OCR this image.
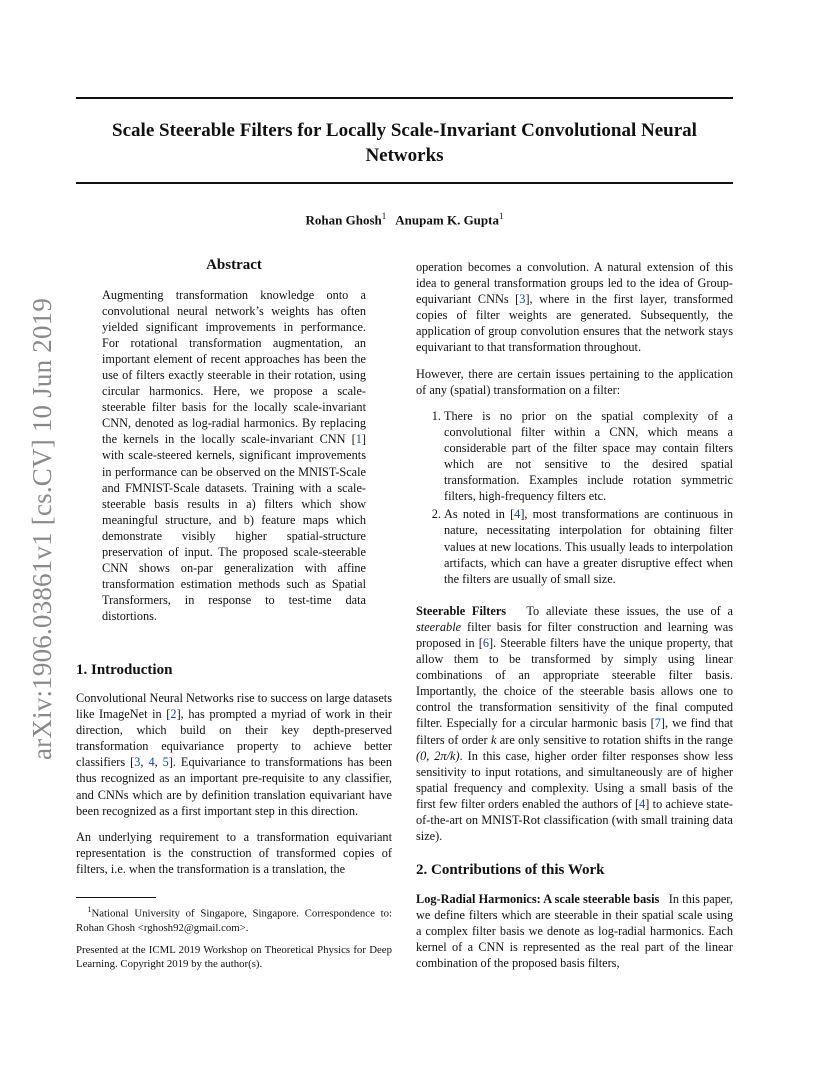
Scale Steerable Filters for Locally Scale-Invariant Convolutional Neural Networks
Rohan Ghosh$^1$ Anupam K. Gupta$^1$
arXiv:1906.03861v1 [cs.CV] 10 Jun 2019
Abstract

Augmenting transformation knowledge onto a convolutional neural network’s weights has often yielded significant improvements in performance. For rotational transformation augmentation, an important element of recent approaches has been the use of filters exactly steerable in their rotation, using circular harmonics. Here, we propose a scale-steerable filter basis for the locally scale-invariant CNN, denoted as log-radial harmonics. By replacing the kernels in the locally scale-invariant CNN [1] with scale-steered kernels, significant improvements in performance can be observed on the MNIST-Scale and FMNIST-Scale datasets. Training with a scale-steerable basis results in a) filters which show meaningful structure, and b) feature maps which demonstrate visibly higher spatial-structure preservation of input. The proposed scale-steerable CNN shows on-par generalization with affine transformation estimation methods such as Spatial Transformers, in response to test-time data distortions.

1. Introduction

Convolutional Neural Networks rise to success on large datasets like ImageNet in [2], has prompted a myriad of work in their direction, which build on their key depth-preserved transformation equivariance property to achieve better classifiers [3, 4, 5]. Equivariance to transformations has been thus recognized as an important pre-requisite to any classifier, and CNNs which are by definition translation equivariant have been recognized as a first important step in this direction.

An underlying requirement to a transformation equivariant representation is the construction of transformed copies of filters, i.e. when the transformation is a translation, the

$^1$National University of Singapore, Singapore. Correspondence to: Rohan Ghosh <rghosh92@gmail.com>.
Presented at the ICML 2019 Workshop on Theoretical Physics for Deep Learning. Copyright 2019 by the author(s).

operation becomes a convolution. A natural extension of this idea to general transformation groups led to the idea of Group-equivariant CNNs [3], where in the first layer, transformed copies of filter weights are generated. Subsequently, the application of group convolution ensures that the network stays equivariant to that transformation throughout.

However, there are certain issues pertaining to the application of any (spatial) transformation on a filter:

1. There is no prior on the spatial complexity of a convolutional filter within a CNN, which means a considerable part of the filter space may contain filters which are not sensitive to the desired spatial transformation. Examples include rotation symmetric filters, high-frequency filters etc.
2. As noted in [4], most transformations are continuous in nature, necessitating interpolation for obtaining filter values at new locations. This usually leads to interpolation artifacts, which can have a greater disruptive effect when the filters are usually of small size.

Steerable Filters To alleviate these issues, the use of a steerable filter basis for filter construction and learning was proposed in [6]. Steerable filters have the unique property, that allow them to be transformed by simply using linear combinations of an appropriate steerable filter basis. Importantly, the choice of the steerable basis allows one to control the transformation sensitivity of the final computed filter. Especially for a circular harmonic basis [7], we find that filters of order k are only sensitive to rotation shifts in the range (0, 2π/k). In this case, higher order filter responses show less sensitivity to input rotations, and simultaneously are of higher spatial frequency and complexity. Using a small basis of the first few filter orders enabled the authors of [4] to achieve state-of-the-art on MNIST-Rot classification (with small training data size).

2. Contributions of this Work

Log-Radial Harmonics: A scale steerable basis In this paper, we define filters which are steerable in their spatial scale using a complex filter basis we denote as log-radial harmonics. Each kernel of a CNN is represented as the real part of the linear combination of the proposed basis filters,
